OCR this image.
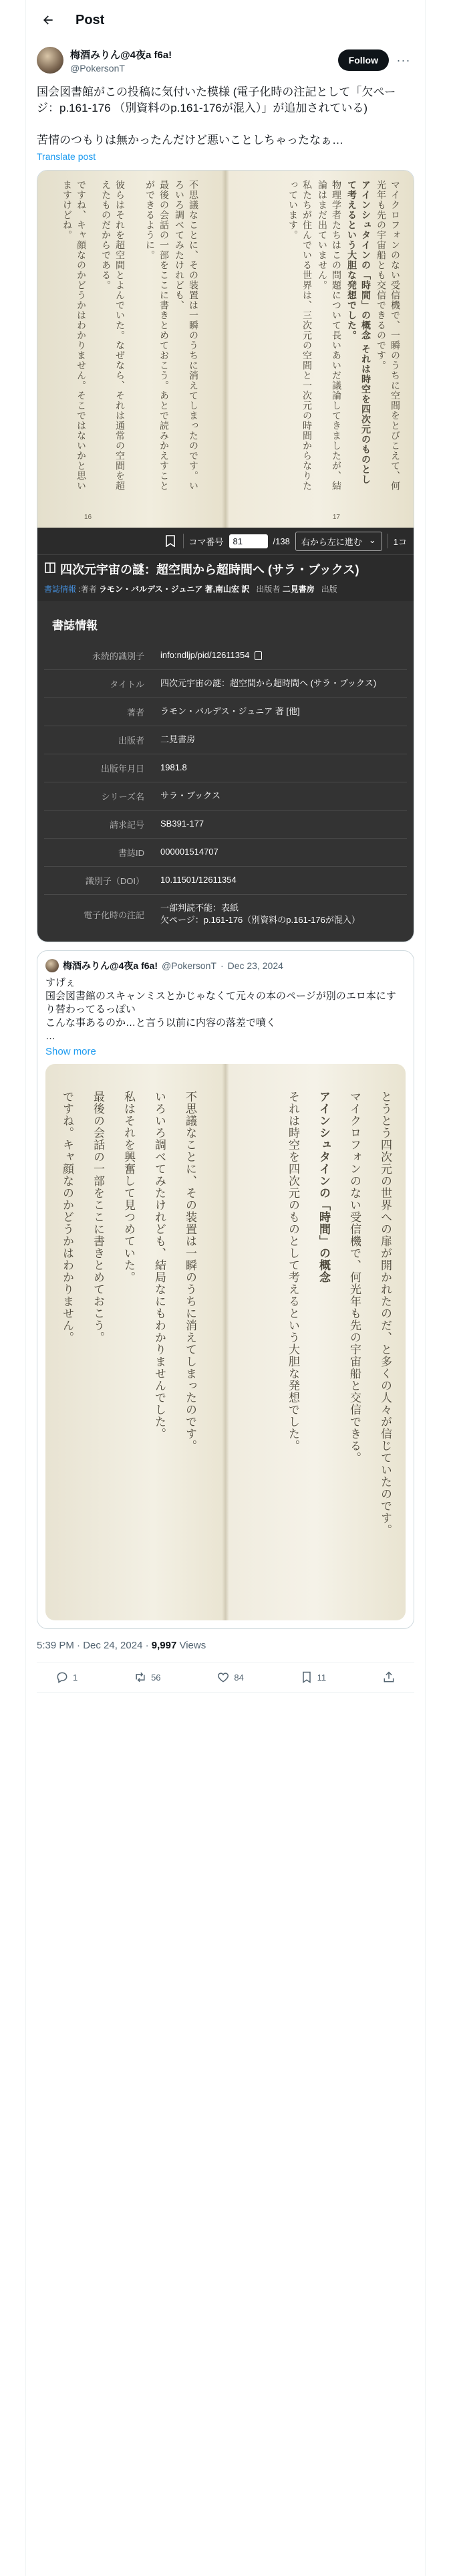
Post
梅酒みりん@4夜a f6a!
@PokersonT
Follow	···
国会図書館がこの投稿に気付いた模様 (電子化時の注記として「欠ページ：p.161-176 （別資料のp.161-176が混入）」が追加されている)

苦情のつもりは無かったんだけど悪いことしちゃったなぁ…
Translate post
マイクロフォンのない受信機で、一瞬のうちに空間をとびこえて、何光年も先の宇宙船とも交信できるのです。
アインシュタインの「時間」の概念 それは時空を四次元のものとして考えるという大胆な発想でした。
物理学者たちはこの問題について長いあいだ議論してきましたが、結論はまだ出ていません。
私たちが住んでいる世界は、三次元の空間と一次元の時間からなりたっています。
不思議なことに、その装置は一瞬のうちに消えてしまったのです。いろいろ調べてみたけれども、
最後の会話の一部をここに書きとめておこう。あとで読みかえすことができるように。
彼らはそれを超空間とよんでいた。なぜなら、それは通常の空間を超えたものだからである。
ですね、キャ顔なのかどうかはわかりません。そこではないかと思いますけどね。
16	17
コマ番号	81	/138 右から左に進む ⌄ 1コ
四次元宇宙の謎：超空間から超時間へ (サラ・ブックス)
書誌情報 :著者 ラモン・バルデス・ジュニア 著,南山宏 訳 出版者 二見書房 出版
書誌情報
永続的識別子	info:ndljp/pid/12611354
タイトル	四次元宇宙の謎：超空間から超時間へ (サラ・ブックス)
著者	ラモン・バルデス・ジュニア 著 [他]
出版者	二見書房
出版年月日	1981.8
シリーズ名	サラ・ブックス
請求記号	SB391-177
書誌ID	000001514707
識別子（DOI）	10.11501/12611354
電子化時の注記
一部判読不能：表紙
欠ページ：p.161-176（別資料のp.161-176が混入）
梅酒みりん@4夜a f6a! @PokersonT · Dec 23, 2024
すげぇ
国会図書館のスキャンミスとかじゃなくて元々の本のページが別のエロ本にすり替わってるっぽい
こんな事あるのか…と言う以前に内容の落差で噴く
…
Show more
とうとう四次元の世界への扉が開かれたのだ、と多くの人々が信じていたのです。
マイクロフォンのない受信機で、何光年も先の宇宙船と交信できる。
アインシュタインの「時間」の概念
それは時空を四次元のものとして考えるという大胆な発想でした。
不思議なことに、その装置は一瞬のうちに消えてしまったのです。
いろいろ調べてみたけれども、結局なにもわかりませんでした。
私はそれを興奮して見つめていた。
最後の会話の一部をここに書きとめておこう。
ですね。キャ顔なのかどうかはわかりません。
5:39 PM · Dec 24, 2024 · 9,997 Views
1	56	84	11
